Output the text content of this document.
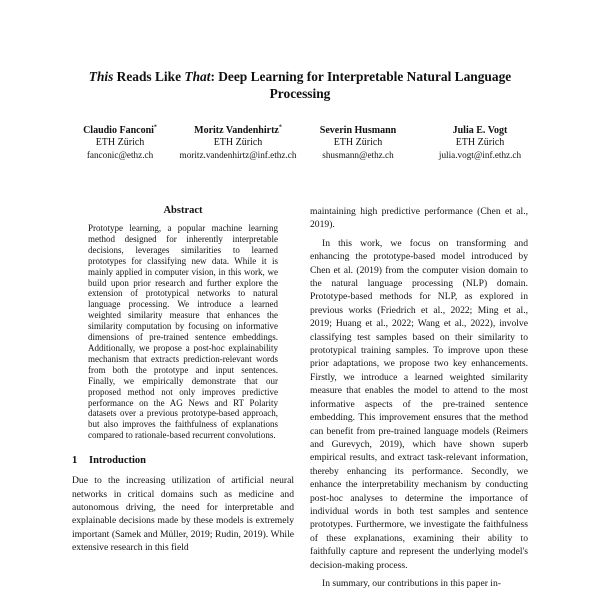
This Reads Like That: Deep Learning for Interpretable Natural Language Processing
Claudio Fanconi*
ETH Zürich
fanconic@ethz.ch
Moritz Vandenhirtz*
ETH Zürich
moritz.vandenhirtz@inf.ethz.ch
Severin Husmann
ETH Zürich
shusmann@ethz.ch
Julia E. Vogt
ETH Zürich
julia.vogt@inf.ethz.ch
Abstract

Prototype learning, a popular machine learning method designed for inherently interpretable decisions, leverages similarities to learned prototypes for classifying new data. While it is mainly applied in computer vision, in this work, we build upon prior research and further explore the extension of prototypical networks to natural language processing. We introduce a learned weighted similarity measure that enhances the similarity computation by focusing on informative dimensions of pre-trained sentence embeddings. Additionally, we propose a post-hoc explainability mechanism that extracts prediction-relevant words from both the prototype and input sentences. Finally, we empirically demonstrate that our proposed method not only improves predictive performance on the AG News and RT Polarity datasets over a previous prototype-based approach, but also improves the faithfulness of explanations compared to rationale-based recurrent convolutions.

1 Introduction

Due to the increasing utilization of artificial neural networks in critical domains such as medicine and autonomous driving, the need for interpretable and explainable decisions made by these models is extremely important (Samek and Müller, 2019; Rudin, 2019). While extensive research in this field

maintaining high predictive performance (Chen et al., 2019).

In this work, we focus on transforming and enhancing the prototype-based model introduced by Chen et al. (2019) from the computer vision domain to the natural language processing (NLP) domain. Prototype-based methods for NLP, as explored in previous works (Friedrich et al., 2022; Ming et al., 2019; Huang et al., 2022; Wang et al., 2022), involve classifying test samples based on their similarity to prototypical training samples. To improve upon these prior adaptations, we propose two key enhancements. Firstly, we introduce a learned weighted similarity measure that enables the model to attend to the most informative aspects of the pre-trained sentence embedding. This improvement ensures that the method can benefit from pre-trained language models (Reimers and Gurevych, 2019), which have shown superb empirical results, and extract task-relevant information, thereby enhancing its performance. Secondly, we enhance the interpretability mechanism by conducting post-hoc analyses to determine the importance of individual words in both test samples and sentence prototypes. Furthermore, we investigate the faithfulness of these explanations, examining their ability to faithfully capture and represent the underlying model's decision-making process.

In summary, our contributions in this paper in-
